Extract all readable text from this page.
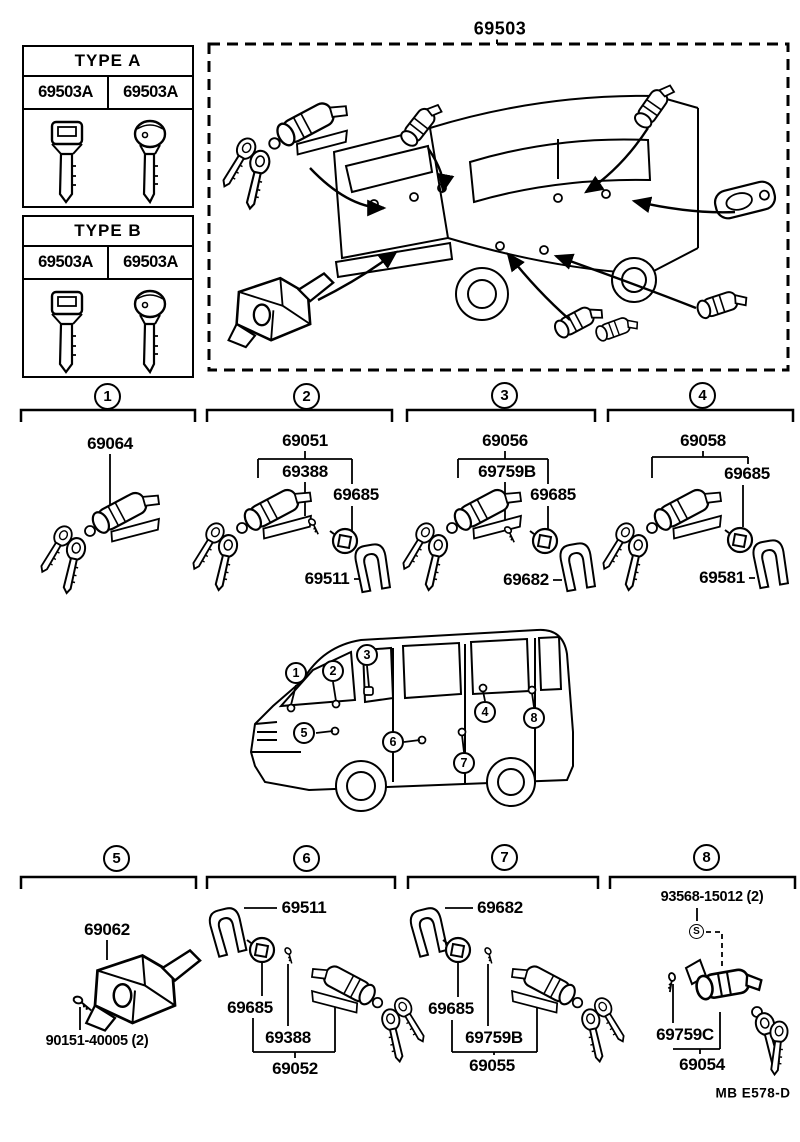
TYPE A
69503A	69503A
TYPE B
69503A	69503A
69503
1	2	3	4
69064	69051
69388
69685
69511
69056
69759B
69685
69682
69058
69685
69581
1	2
3
4
5
6
7
8
5	6	7	8
69062
90151-40005 (2)
69511
69685
69388
69052
69682
69685
69759B
69055
93568-15012 (2)
S
69759C
69054
MB E578-D
